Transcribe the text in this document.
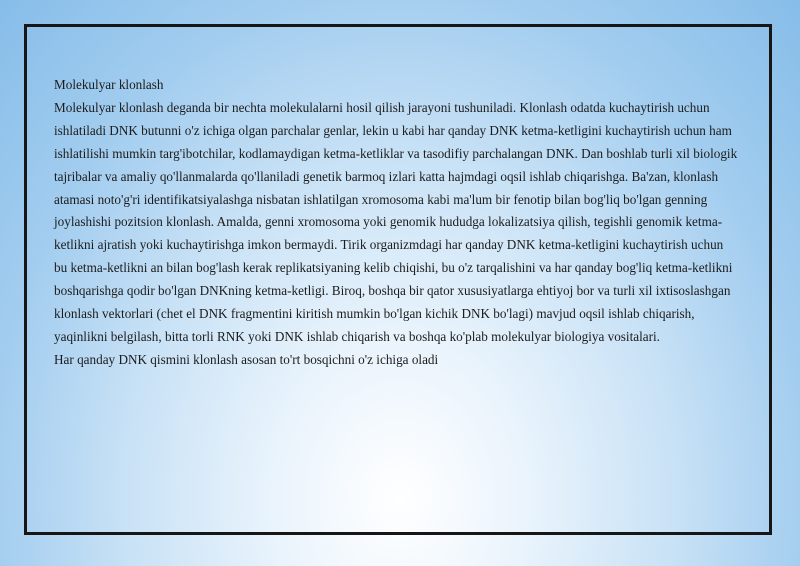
Molekulyar klonlash

Molekulyar klonlash deganda bir nechta molekulalarni hosil qilish jarayoni tushuniladi. Klonlash odatda kuchaytirish uchun

ishlatiladi DNK butunni o'z ichiga olgan parchalar genlar, lekin u kabi har qanday DNK ketma-ketligini kuchaytirish uchun ham

ishlatilishi mumkin targ'ibotchilar, kodlamaydigan ketma-ketliklar va tasodifiy parchalangan DNK. Dan boshlab turli xil biologik

tajribalar va amaliy qo'llanmalarda qo'llaniladi genetik barmoq izlari katta hajmdagi oqsil ishlab chiqarishga. Ba'zan, klonlash

atamasi noto'g'ri identifikatsiyalashga nisbatan ishlatilgan xromosoma kabi ma'lum bir fenotip bilan bog'liq bo'lgan genning

joylashishi pozitsion klonlash. Amalda, genni xromosoma yoki genomik hududga lokalizatsiya qilish, tegishli genomik ketma-

ketlikni ajratish yoki kuchaytirishga imkon bermaydi. Tirik organizmdagi har qanday DNK ketma-ketligini kuchaytirish uchun

bu ketma-ketlikni an bilan bog'lash kerak replikatsiyaning kelib chiqishi, bu o'z tarqalishini va har qanday bog'liq ketma-ketlikni

boshqarishga qodir bo'lgan DNKning ketma-ketligi. Biroq, boshqa bir qator xususiyatlarga ehtiyoj bor va turli xil ixtisoslashgan

klonlash vektorlari (chet el DNK fragmentini kiritish mumkin bo'lgan kichik DNK bo'lagi) mavjud oqsil ishlab chiqarish,

yaqinlikni belgilash, bitta torli RNK yoki DNK ishlab chiqarish va boshqa ko'plab molekulyar biologiya vositalari.

Har qanday DNK qismini klonlash asosan to'rt bosqichni o'z ichiga oladi
